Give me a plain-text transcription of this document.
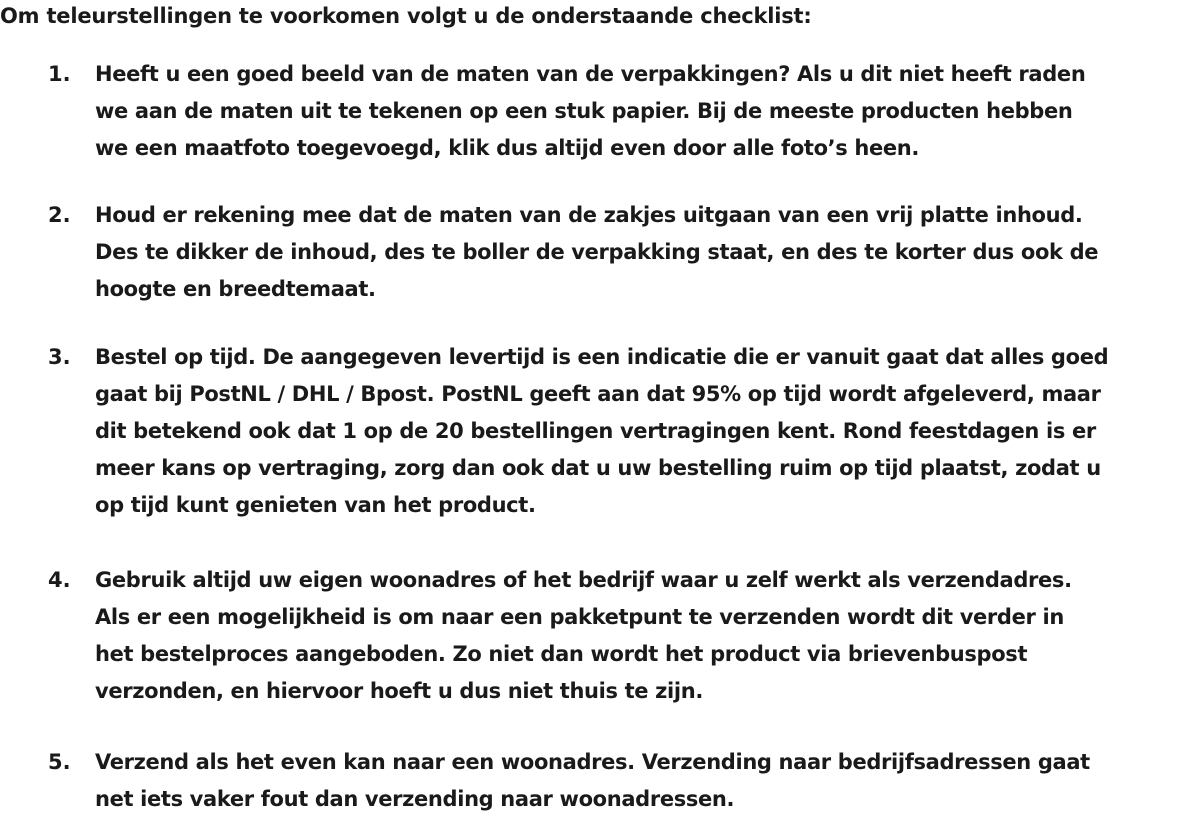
Om teleurstellingen te voorkomen volgt u de onderstaande checklist:
1. Heeft u een goed beeld van de maten van de verpakkingen? Als u dit niet heeft raden
we aan de maten uit te tekenen op een stuk papier. Bij de meeste producten hebben
we een maatfoto toegevoegd, klik dus altijd even door alle foto’s heen.
2. Houd er rekening mee dat de maten van de zakjes uitgaan van een vrij platte inhoud.
Des te dikker de inhoud, des te boller de verpakking staat, en des te korter dus ook de
hoogte en breedtemaat.
3. Bestel op tijd. De aangegeven levertijd is een indicatie die er vanuit gaat dat alles goed
gaat bij PostNL / DHL / Bpost. PostNL geeft aan dat 95% op tijd wordt afgeleverd, maar
dit betekend ook dat 1 op de 20 bestellingen vertragingen kent. Rond feestdagen is er
meer kans op vertraging, zorg dan ook dat u uw bestelling ruim op tijd plaatst, zodat u
op tijd kunt genieten van het product.
4. Gebruik altijd uw eigen woonadres of het bedrijf waar u zelf werkt als verzendadres.
Als er een mogelijkheid is om naar een pakketpunt te verzenden wordt dit verder in
het bestelproces aangeboden. Zo niet dan wordt het product via brievenbuspost
verzonden, en hiervoor hoeft u dus niet thuis te zijn.
5. Verzend als het even kan naar een woonadres. Verzending naar bedrijfsadressen gaat
net iets vaker fout dan verzending naar woonadressen.
